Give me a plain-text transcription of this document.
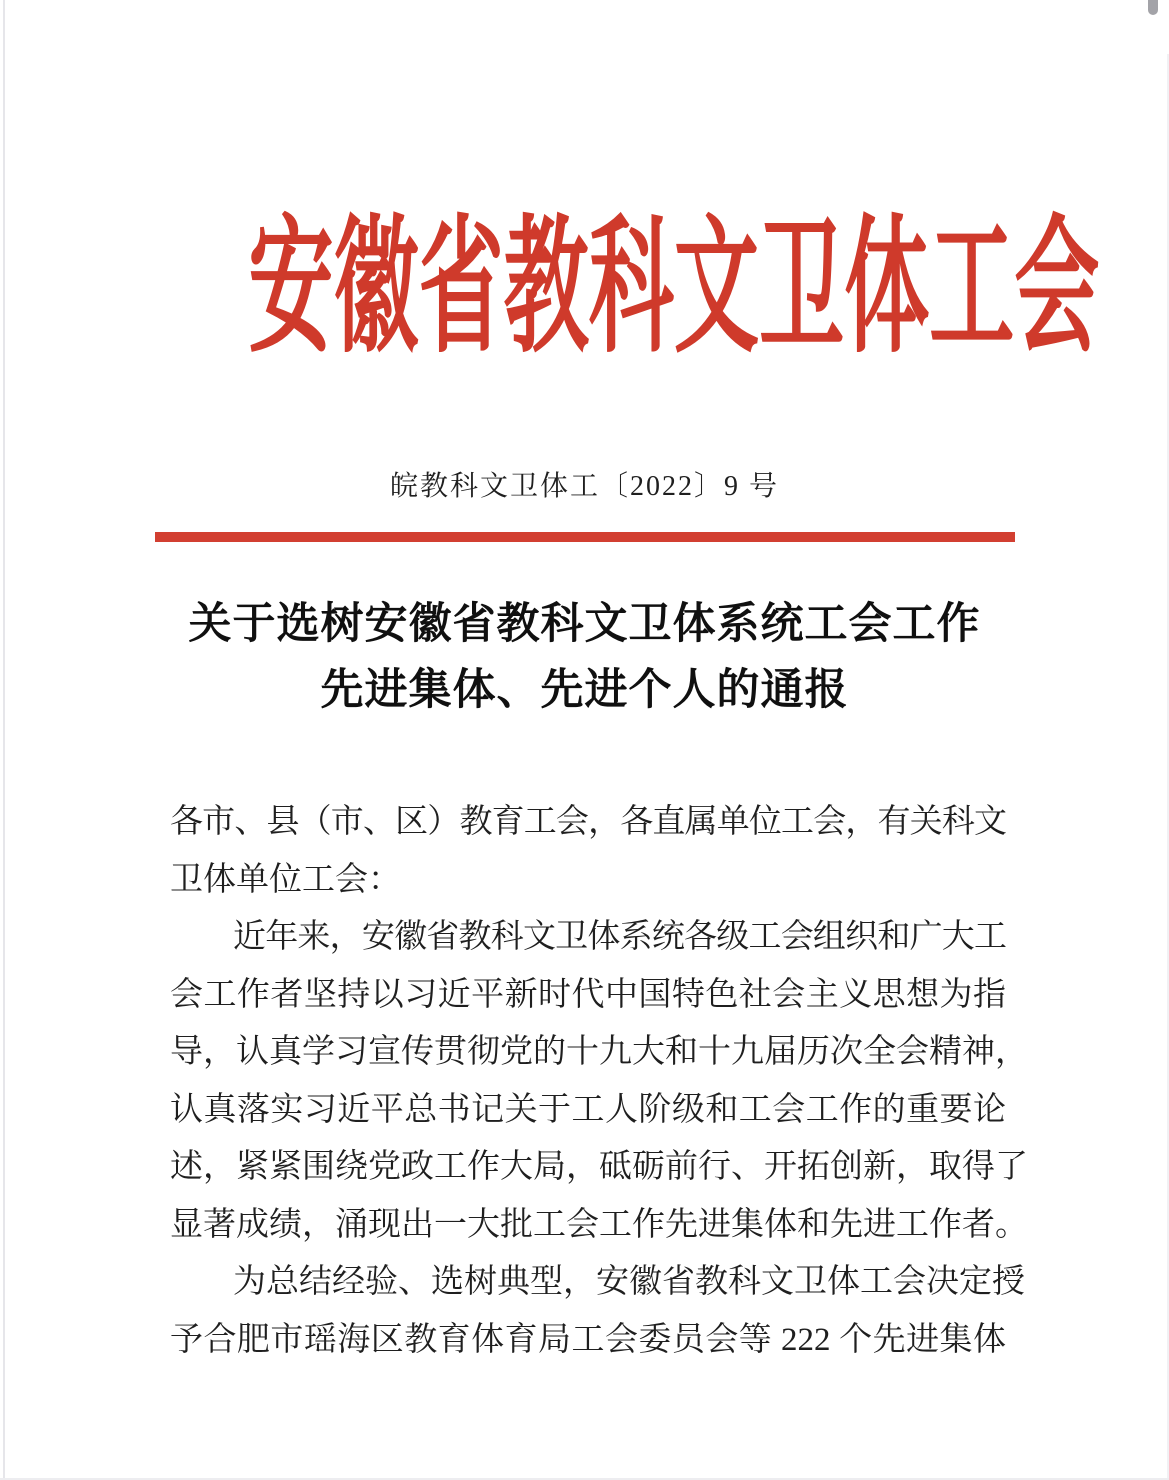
安徽省教科文卫体工会
皖教科文卫体工〔2022〕9 号
关于选树安徽省教科文卫体系统工会工作
先进集体、先进个人的通报
各市、县（市、区）教育工会，各直属单位工会，有关科文
卫体单位工会：
近年来，安徽省教科文卫体系统各级工会组织和广大工
会工作者坚持以习近平新时代中国特色社会主义思想为指
导，认真学习宣传贯彻党的十九大和十九届历次全会精神，
认真落实习近平总书记关于工人阶级和工会工作的重要论
述，紧紧围绕党政工作大局，砥砺前行、开拓创新，取得了
显著成绩，涌现出一大批工会工作先进集体和先进工作者。
为总结经验、选树典型，安徽省教科文卫体工会决定授
予合肥市瑶海区教育体育局工会委员会等 222 个先进集体
